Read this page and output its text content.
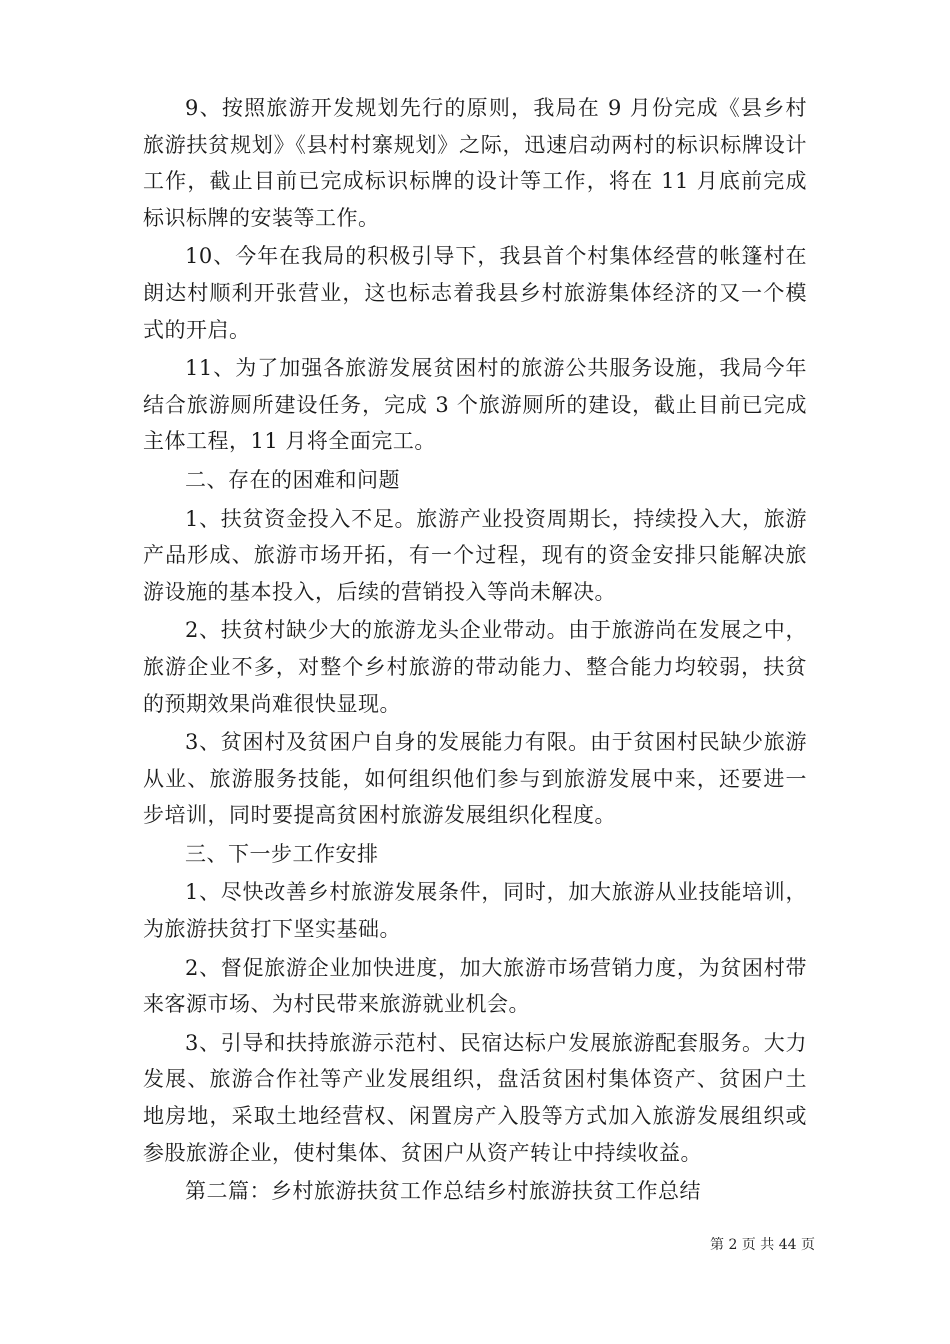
9、按照旅游开发规划先行的原则，我局在 9 月份完成《县乡村旅游扶贫规划》《县村村寨规划》之际，迅速启动两村的标识标牌设计工作，截止目前已完成标识标牌的设计等工作，将在 11 月底前完成标识标牌的安装等工作。

10、今年在我局的积极引导下，我县首个村集体经营的帐篷村在朗达村顺利开张营业，这也标志着我县乡村旅游集体经济的又一个模式的开启。

11、为了加强各旅游发展贫困村的旅游公共服务设施，我局今年结合旅游厕所建设任务，完成 3 个旅游厕所的建设，截止目前已完成主体工程，11 月将全面完工。

二、存在的困难和问题

1、扶贫资金投入不足。旅游产业投资周期长，持续投入大，旅游产品形成、旅游市场开拓，有一个过程，现有的资金安排只能解决旅游设施的基本投入，后续的营销投入等尚未解决。

2、扶贫村缺少大的旅游龙头企业带动。由于旅游尚在发展之中，旅游企业不多，对整个乡村旅游的带动能力、整合能力均较弱，扶贫的预期效果尚难很快显现。

3、贫困村及贫困户自身的发展能力有限。由于贫困村民缺少旅游从业、旅游服务技能，如何组织他们参与到旅游发展中来，还要进一步培训，同时要提高贫困村旅游发展组织化程度。

三、下一步工作安排

1、尽快改善乡村旅游发展条件，同时，加大旅游从业技能培训，为旅游扶贫打下坚实基础。

2、督促旅游企业加快进度，加大旅游市场营销力度，为贫困村带来客源市场、为村民带来旅游就业机会。

3、引导和扶持旅游示范村、民宿达标户发展旅游配套服务。大力发展、旅游合作社等产业发展组织，盘活贫困村集体资产、贫困户土地房地，采取土地经营权、闲置房产入股等方式加入旅游发展组织或参股旅游企业，使村集体、贫困户从资产转让中持续收益。

第二篇：乡村旅游扶贫工作总结乡村旅游扶贫工作总结

第 2 页 共 44 页
